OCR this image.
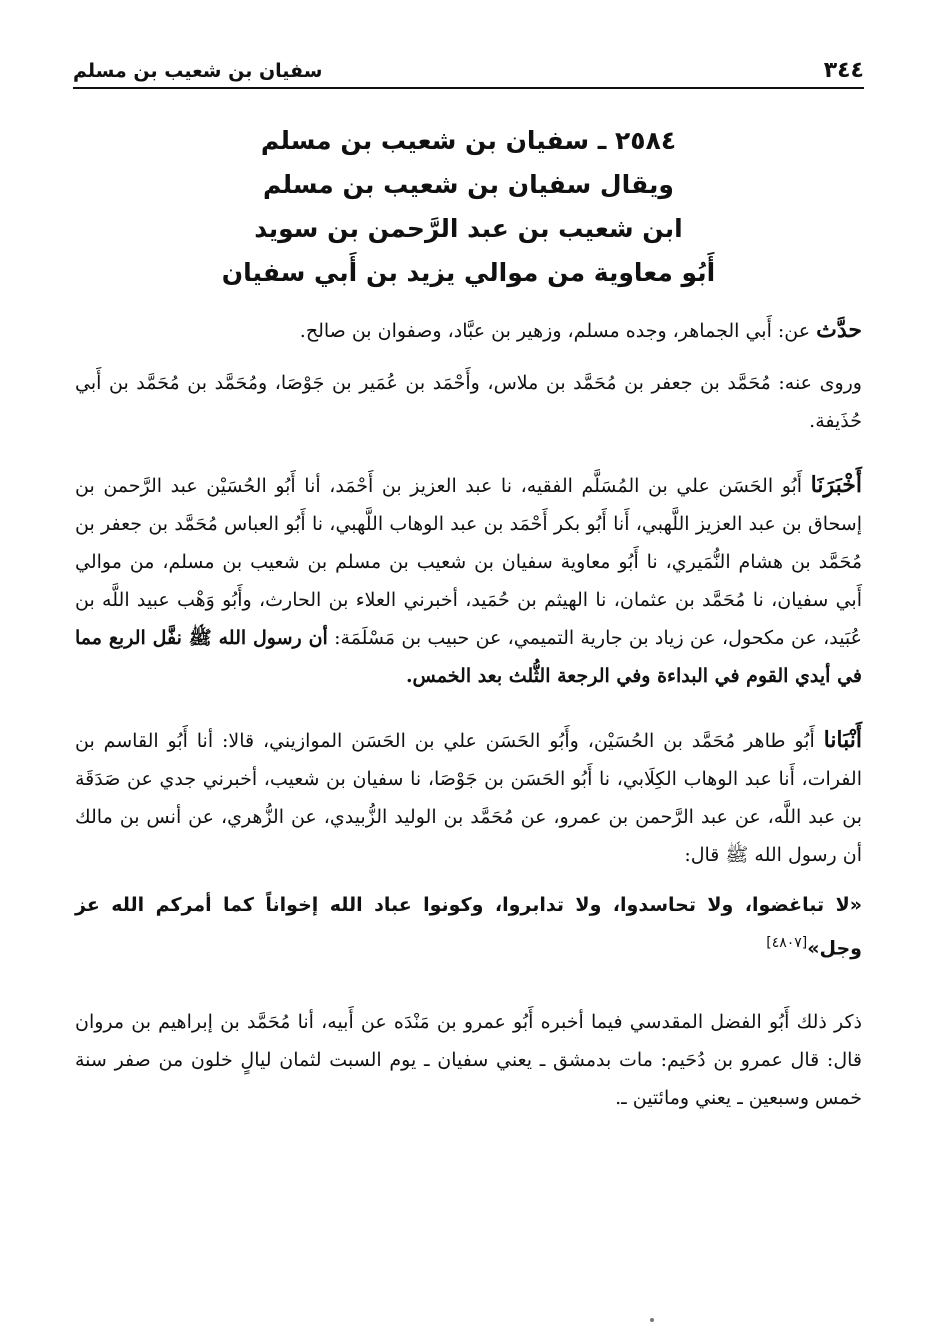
٣٤٤
سفيان بن شعيب بن مسلم
٢٥٨٤ ـ سفيان بن شعيب بن مسلم
ويقال سفيان بن شعيب بن مسلم
ابن شعيب بن عبد الرَّحمن بن سويد
أَبُو معاوية من موالي يزيد بن أَبي سفيان

حدَّث عن: أَبي الجماهر، وجده مسلم، وزهير بن عبَّاد، وصفوان بن صالح.

وروى عنه: مُحَمَّد بن جعفر بن مُحَمَّد بن ملاس، وأَحْمَد بن عُمَير بن جَوْصَا، ومُحَمَّد بن مُحَمَّد بن أَبي حُذَيفة.

أَخْبَرَنَا أَبُو الحَسَن علي بن المُسَلَّم الفقيه، نا عبد العزيز بن أَحْمَد، أنا أَبُو الحُسَيْن عبد الرَّحمن بن إسحاق بن عبد العزيز اللَّهبي، أَنا أَبُو بكر أَحْمَد بن عبد الوهاب اللَّهبي، نا أَبُو العباس مُحَمَّد بن جعفر بن مُحَمَّد بن هشام النُّمَيري، نا أَبُو معاوية سفيان بن شعيب بن مسلم بن شعيب بن مسلم، من موالي أَبي سفيان، نا مُحَمَّد بن عثمان، نا الهيثم بن حُمَيد، أخبرني العلاء بن الحارث، وأَبُو وَهْب عبيد اللَّه بن عُبَيد، عن مكحول، عن زياد بن جارية التميمي، عن حبيب بن مَسْلَمَة: أن رسول الله ﷺ نفَّل الربع مما في أيدي القوم في البداءة وفي الرجعة الثُّلث بعد الخمس.

أَنْبَانا أَبُو طاهر مُحَمَّد بن الحُسَيْن، وأَبُو الحَسَن علي بن الحَسَن الموازيني، قالا: أنا أَبُو القاسم بن الفرات، أَنا عبد الوهاب الكِلَابي، نا أَبُو الحَسَن بن جَوْصَا، نا سفيان بن شعيب، أخبرني جدي عن صَدَقَة بن عبد اللَّه، عن عبد الرَّحمن بن عمرو، عن مُحَمَّد بن الوليد الزُّبيدي، عن الزُّهري، عن أنس بن مالك أن رسول الله ﷺ قال:

«لا تباغضوا، ولا تحاسدوا، ولا تدابروا، وكونوا عباد الله إخواناً كما أمركم الله عز وجل»[٤٨٠٧]

ذكر ذلك أَبُو الفضل المقدسي فيما أخبره أَبُو عمرو بن مَنْدَه عن أَبيه، أنا مُحَمَّد بن إبراهيم بن مروان قال: قال عمرو بن دُحَيم: مات بدمشق ـ يعني سفيان ـ يوم السبت لثمان ليالٍ خلون من صفر سنة خمس وسبعين ـ يعني ومائتين ـ.
